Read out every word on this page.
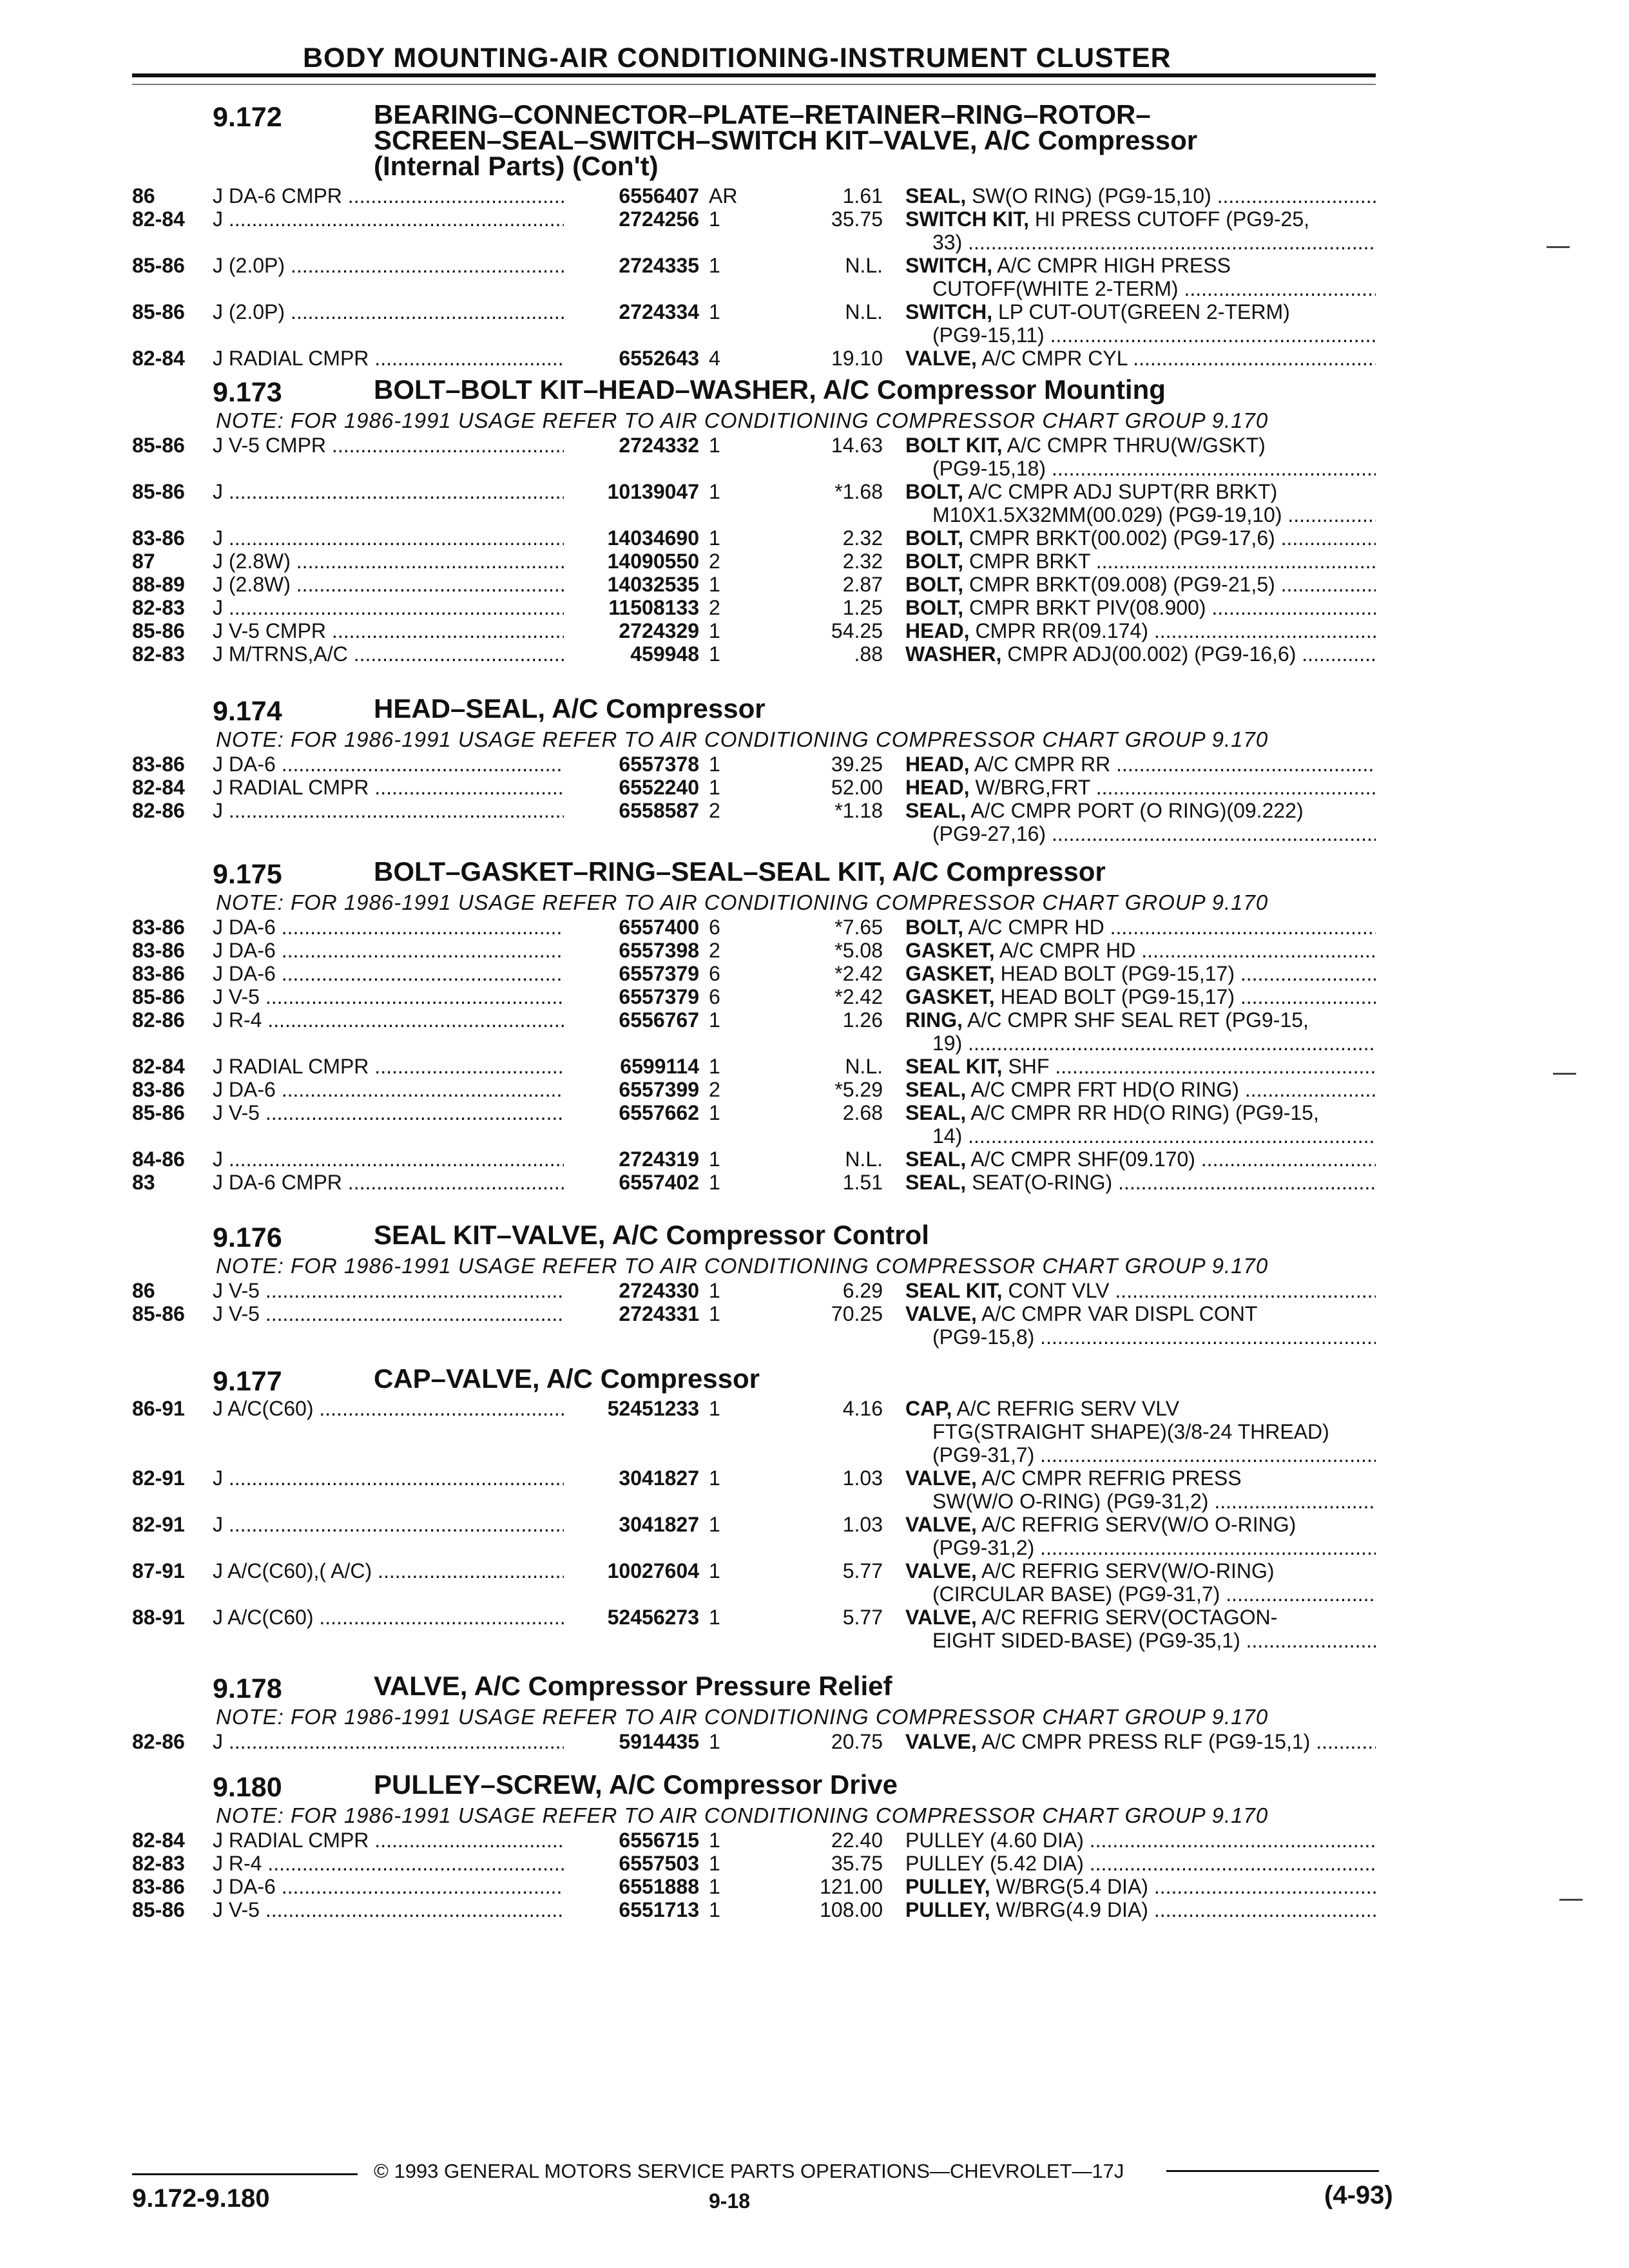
BODY MOUNTING-AIR CONDITIONING-INSTRUMENT CLUSTER
9.172	BEARING–CONNECTOR–PLATE–RETAINER–RING–ROTOR–
SCREEN–SEAL–SWITCH–SWITCH KIT–VALVE, A/C Compressor
(Internal Parts) (Con't)
86	J DA-6 CMPR .....	6556407 AR	1.61 SEAL, SW(O RING) (PG9-15,10) .....
82-84 J .....	2724256 1	35.75 SWITCH KIT, HI PRESS CUTOFF (PG9-25,
33) .....
85-86 J (2.0P) .....	2724335 1	N.L. SWITCH, A/C CMPR HIGH PRESS
CUTOFF(WHITE 2-TERM) .....
85-86 J (2.0P) .....	2724334 1	N.L. SWITCH, LP CUT-OUT(GREEN 2-TERM)
(PG9-15,11) .....
82-84 J RADIAL CMPR .....	6552643 4	19.10 VALVE, A/C CMPR CYL .....
9.173	BOLT–BOLT KIT–HEAD–WASHER, A/C Compressor Mounting
NOTE: FOR 1986-1991 USAGE REFER TO AIR CONDITIONING COMPRESSOR CHART GROUP 9.170
85-86 J V-5 CMPR .....	2724332 1	14.63 BOLT KIT, A/C CMPR THRU(W/GSKT)
(PG9-15,18) .....
85-86 J .....	10139047 1	*1.68 BOLT, A/C CMPR ADJ SUPT(RR BRKT)
M10X1.5X32MM(00.029) (PG9-19,10) .....
83-86 J .....	14034690 1	2.32 BOLT, CMPR BRKT(00.002) (PG9-17,6) .....
87	J (2.8W) .....	14090550 2	2.32 BOLT, CMPR BRKT .....
88-89 J (2.8W) .....	14032535 1	2.87 BOLT, CMPR BRKT(09.008) (PG9-21,5) .....
82-83 J .....	11508133 2	1.25 BOLT, CMPR BRKT PIV(08.900) .....
85-86 J V-5 CMPR .....	2724329 1	54.25 HEAD, CMPR RR(09.174) .....
82-83 J M/TRNS,A/C .....	459948 1	.88 WASHER, CMPR ADJ(00.002) (PG9-16,6) .....
9.174	HEAD–SEAL, A/C Compressor
NOTE: FOR 1986-1991 USAGE REFER TO AIR CONDITIONING COMPRESSOR CHART GROUP 9.170
83-86 J DA-6 .....	6557378 1	39.25 HEAD, A/C CMPR RR .....
82-84 J RADIAL CMPR .....	6552240 1	52.00 HEAD, W/BRG,FRT .....
82-86 J .....	6558587 2	*1.18 SEAL, A/C CMPR PORT (O RING)(09.222)
(PG9-27,16) .....
9.175	BOLT–GASKET–RING–SEAL–SEAL KIT, A/C Compressor
NOTE: FOR 1986-1991 USAGE REFER TO AIR CONDITIONING COMPRESSOR CHART GROUP 9.170
83-86 J DA-6 .....	6557400 6	*7.65 BOLT, A/C CMPR HD .....
83-86 J DA-6 .....	6557398 2	*5.08 GASKET, A/C CMPR HD .....
83-86 J DA-6 .....	6557379 6	*2.42 GASKET, HEAD BOLT (PG9-15,17) .....
85-86 J V-5 .....	6557379 6	*2.42 GASKET, HEAD BOLT (PG9-15,17) .....
82-86 J R-4 .....	6556767 1	1.26 RING, A/C CMPR SHF SEAL RET (PG9-15,
19) .....
82-84 J RADIAL CMPR .....	6599114 1	N.L. SEAL KIT, SHF .....
83-86 J DA-6 .....	6557399 2	*5.29 SEAL, A/C CMPR FRT HD(O RING) .....
85-86 J V-5 .....	6557662 1	2.68 SEAL, A/C CMPR RR HD(O RING) (PG9-15,
14) .....
84-86 J .....	2724319 1	N.L. SEAL, A/C CMPR SHF(09.170) .....
83	J DA-6 CMPR .....	6557402 1	1.51 SEAL, SEAT(O-RING) .....
9.176	SEAL KIT–VALVE, A/C Compressor Control
NOTE: FOR 1986-1991 USAGE REFER TO AIR CONDITIONING COMPRESSOR CHART GROUP 9.170
86	J V-5 .....	2724330 1	6.29 SEAL KIT, CONT VLV .....
85-86 J V-5 .....	2724331 1	70.25 VALVE, A/C CMPR VAR DISPL CONT
(PG9-15,8) .....
9.177	CAP–VALVE, A/C Compressor
86-91 J A/C(C60) .....	52451233 1	4.16 CAP, A/C REFRIG SERV VLV
FTG(STRAIGHT SHAPE)(3/8-24 THREAD)
(PG9-31,7) .....
82-91 J .....	3041827 1	1.03 VALVE, A/C CMPR REFRIG PRESS
SW(W/O O-RING) (PG9-31,2) .....
82-91 J .....	3041827 1	1.03 VALVE, A/C REFRIG SERV(W/O O-RING)
(PG9-31,2) .....
87-91 J A/C(C60),( A/C) .....	10027604 1	5.77 VALVE, A/C REFRIG SERV(W/O-RING)
(CIRCULAR BASE) (PG9-31,7) .....
88-91 J A/C(C60) .....	52456273 1	5.77 VALVE, A/C REFRIG SERV(OCTAGON-
EIGHT SIDED-BASE) (PG9-35,1) .....
9.178	VALVE, A/C Compressor Pressure Relief
NOTE: FOR 1986-1991 USAGE REFER TO AIR CONDITIONING COMPRESSOR CHART GROUP 9.170
82-86 J .....	5914435 1	20.75 VALVE, A/C CMPR PRESS RLF (PG9-15,1) .....
9.180	PULLEY–SCREW, A/C Compressor Drive
NOTE: FOR 1986-1991 USAGE REFER TO AIR CONDITIONING COMPRESSOR CHART GROUP 9.170
82-84 J RADIAL CMPR .....	6556715 1	22.40 PULLEY (4.60 DIA) .....
82-83 J R-4 .....	6557503 1	35.75 PULLEY (5.42 DIA) .....
83-86 J DA-6 .....	6551888 1	121.00 PULLEY, W/BRG(5.4 DIA) .....
85-86 J V-5 .....	6551713 1	108.00 PULLEY, W/BRG(4.9 DIA) .....
© 1993 GENERAL MOTORS SERVICE PARTS OPERATIONS—CHEVROLET—17J
9.172-9.180	9-18	(4-93)
